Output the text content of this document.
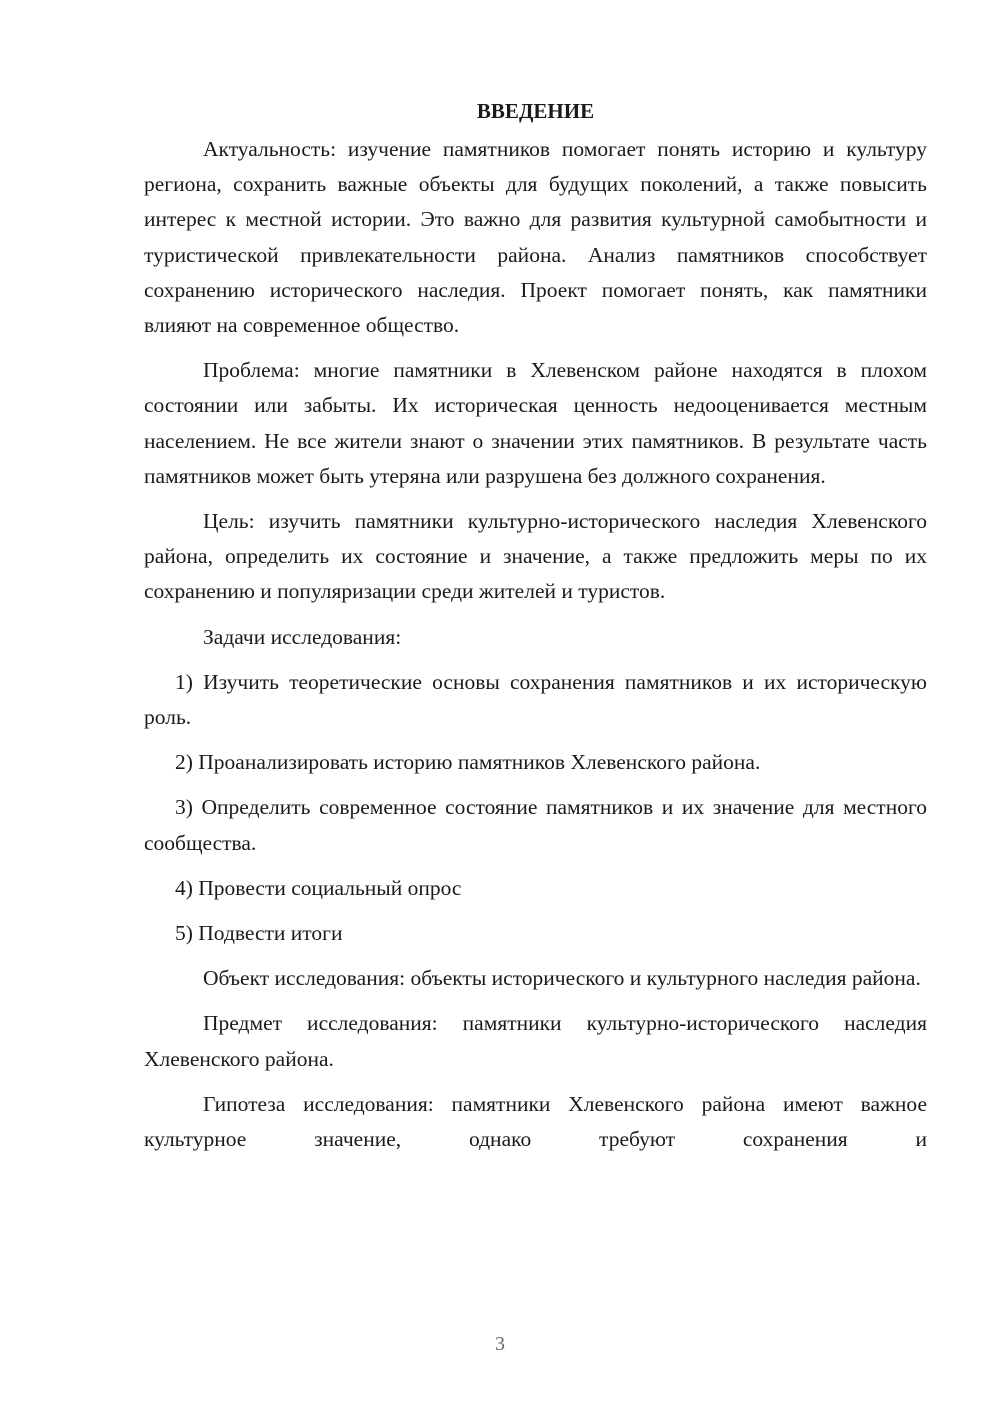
ВВЕДЕНИЕ

Актуальность: изучение памятников помогает понять историю и культуру региона, сохранить важные объекты для будущих поколений, а также повысить интерес к местной истории. Это важно для развития культурной самобытности и туристической привлекательности района. Анализ памятников способствует сохранению исторического наследия. Проект помогает понять, как памятники влияют на современное общество.

Проблема: многие памятники в Хлевенском районе находятся в плохом состоянии или забыты. Их историческая ценность недооценивается местным населением. Не все жители знают о значении этих памятников. В результате часть памятников может быть утеряна или разрушена без должного сохранения.

Цель: изучить памятники культурно-исторического наследия Хлевенского района, определить их состояние и значение, а также предложить меры по их сохранению и популяризации среди жителей и туристов.

Задачи исследования:

1) Изучить теоретические основы сохранения памятников и их историческую роль.

2) Проанализировать историю памятников Хлевенского района.

3) Определить современное состояние памятников и их значение для местного сообщества.

4) Провести социальный опрос

5) Подвести итоги

Объект исследования: объекты исторического и культурного наследия района.

Предмет исследования: памятники культурно-исторического наследия Хлевенского района.

Гипотеза исследования: памятники Хлевенского района имеют важное культурное значение, однако требуют сохранения и

3
